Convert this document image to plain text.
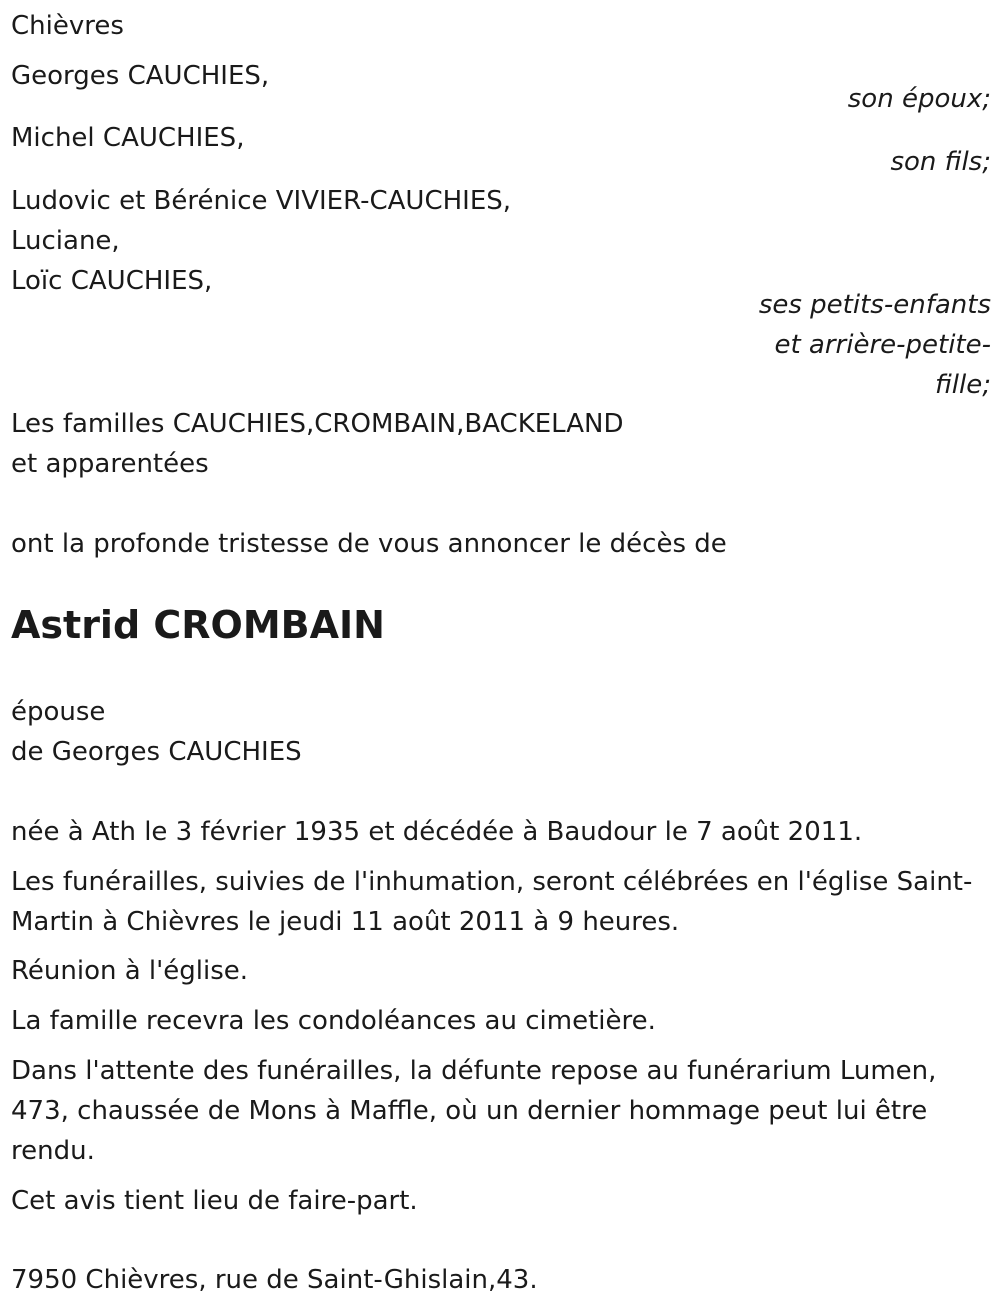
Chièvres
Georges CAUCHIES,
son époux;
Michel CAUCHIES,
son fils;
Ludovic et Bérénice VIVIER-CAUCHIES,
Luciane,
Loïc CAUCHIES,
ses petits-enfants
et arrière-petite-
fille;
Les familles CAUCHIES,CROMBAIN,BACKELAND
et apparentées
ont la profonde tristesse de vous annoncer le décès de
Astrid CROMBAIN
épouse
de Georges CAUCHIES
née à Ath le 3 février 1935 et décédée à Baudour le 7 août 2011.
Les funérailles, suivies de l'inhumation, seront célébrées en l'église Saint-
Martin à Chièvres le jeudi 11 août 2011 à 9 heures.
Réunion à l'église.
La famille recevra les condoléances au cimetière.
Dans l'attente des funérailles, la défunte repose au funérarium Lumen,
473, chaussée de Mons à Maffle, où un dernier hommage peut lui être
rendu.
Cet avis tient lieu de faire-part.
7950 Chièvres, rue de Saint-Ghislain,43.
